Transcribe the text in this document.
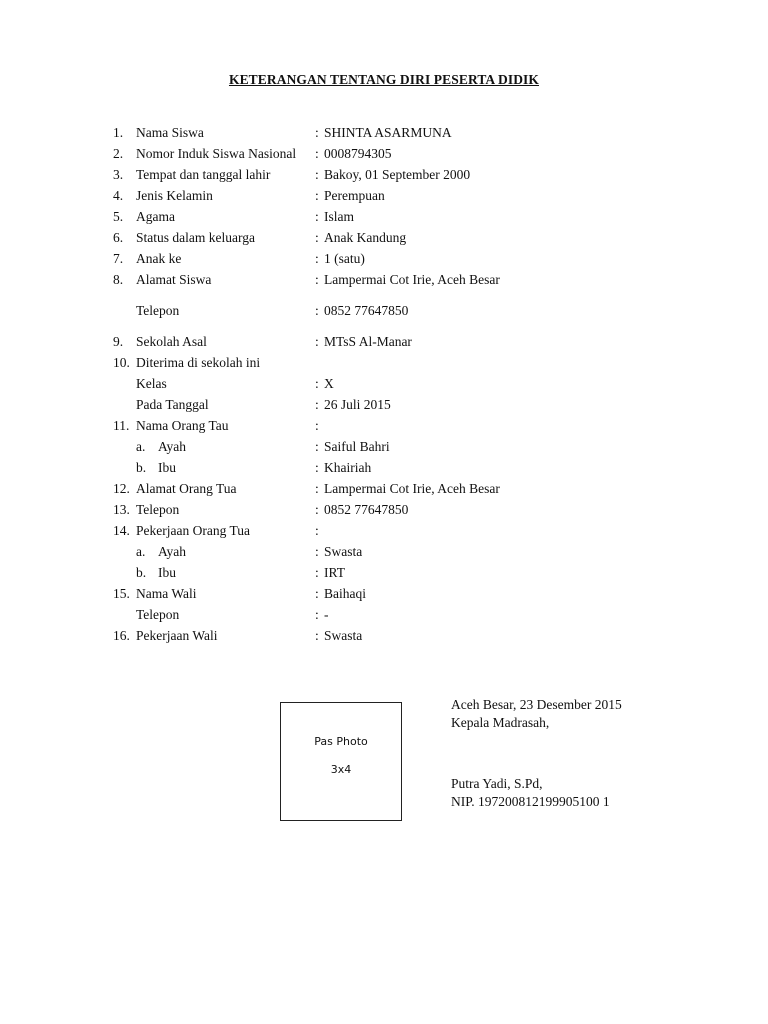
KETERANGAN TENTANG DIRI PESERTA DIDIK
1. Nama Siswa	: SHINTA ASARMUNA
2. Nomor Induk Siswa Nasional : 0008794305
3. Tempat dan tanggal lahir	: Bakoy, 01 September 2000
4. Jenis Kelamin	: Perempuan
5. Agama	: Islam
6. Status dalam keluarga	: Anak Kandung
7. Anak ke	: 1 (satu)
8. Alamat Siswa	: Lampermai Cot Irie, Aceh Besar
Telepon	: 0852 77647850
9. Sekolah Asal	: MTsS Al-Manar
10. Diterima di sekolah ini
Kelas	: X
Pada Tanggal	: 26 Juli 2015
11. Nama Orang Tau	:
a. Ayah	: Saiful Bahri
b. Ibu	: Khairiah
12. Alamat Orang Tua	: Lampermai Cot Irie, Aceh Besar
13. Telepon	: 0852 77647850
14. Pekerjaan Orang Tua	:
a. Ayah	: Swasta
b. Ibu	: IRT
15. Nama Wali	: Baihaqi
Telepon	: -
16. Pekerjaan Wali	: Swasta
Pas Photo
3x4
Aceh Besar, 23 Desember 2015
Kepala Madrasah,
Putra Yadi, S.Pd,
NIP. 197200812199905100 1
